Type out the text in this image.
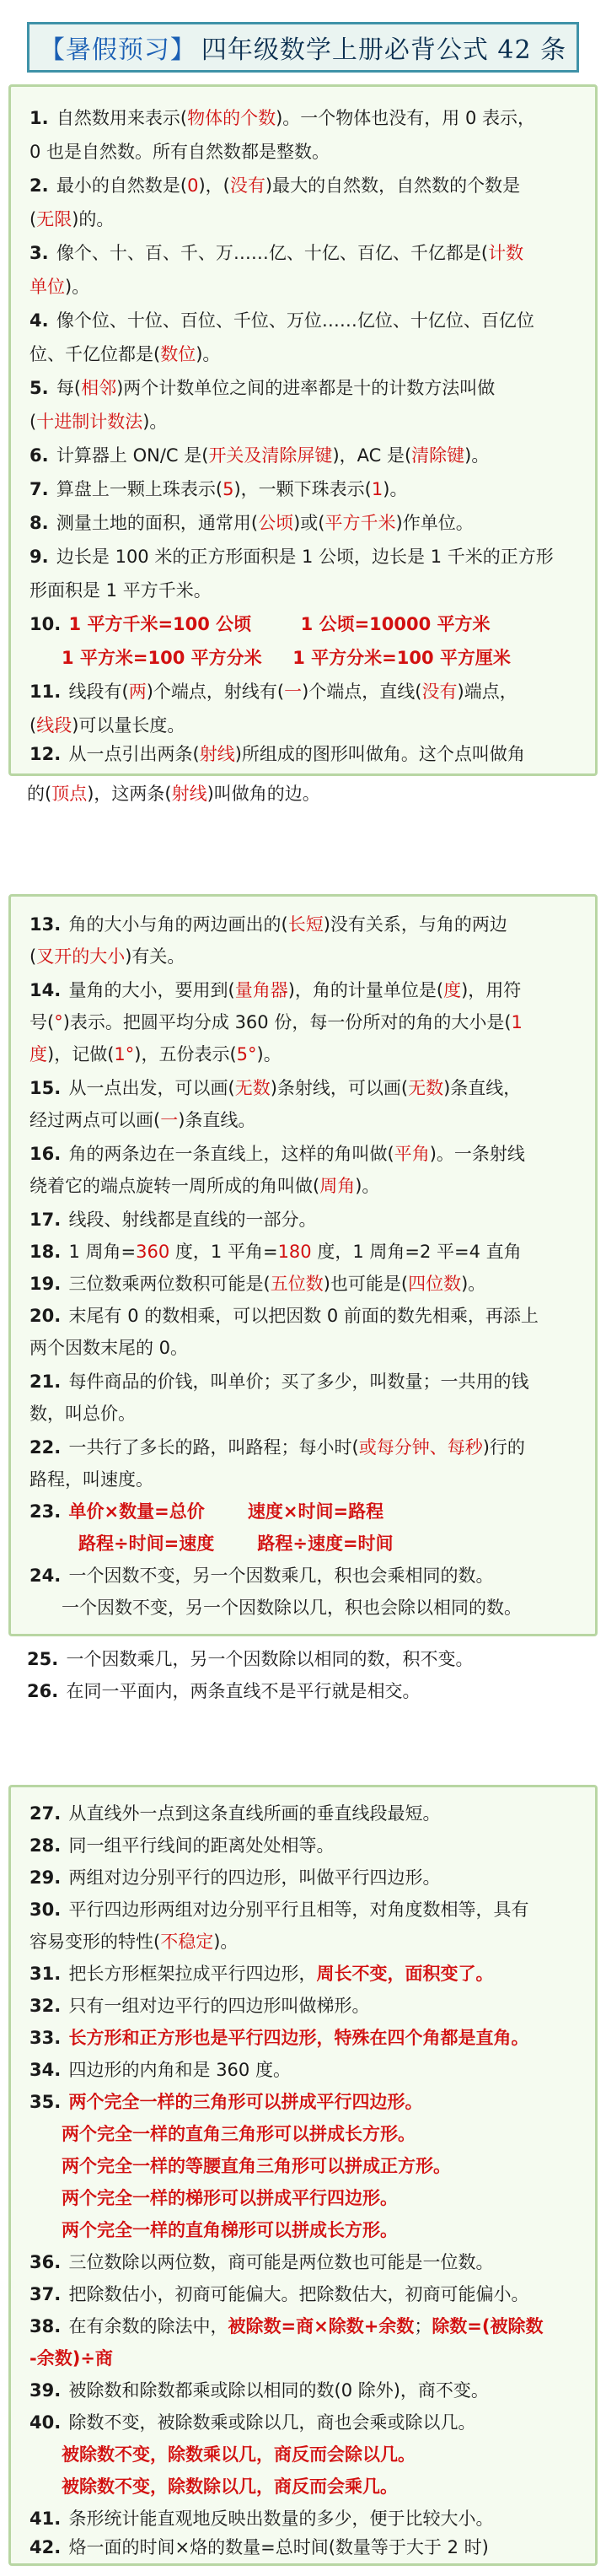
【暑假预习】 四年级数学上册必背公式 42 条
1. 自然数用来表示(物体的个数)。一个物体也没有，用 0 表示，
0 也是自然数。所有自然数都是整数。
2. 最小的自然数是(0)，(没有)最大的自然数，自然数的个数是
(无限)的。
3. 像个、十、百、千、万……亿、十亿、百亿、千亿都是(计数
单位)。
4. 像个位、十位、百位、千位、万位……亿位、十亿位、百亿位
位、千亿位都是(数位)。
5. 每(相邻)两个计数单位之间的进率都是十的计数方法叫做
(十进制计数法)。
6. 计算器上 ON/C 是(开关及清除屏键)，AC 是(清除键)。
7. 算盘上一颗上珠表示(5)，一颗下珠表示(1)。
8. 测量土地的面积，通常用(公顷)或(平方千米)作单位。
9. 边长是 100 米的正方形面积是 1 公顷，边长是 1 千米的正方形
形面积是 1 平方千米。
10. 1 平方千米=100 公顷        1 公顷=10000 平方米
1 平方米=100 平方分米     1 平方分米=100 平方厘米
11. 线段有(两)个端点，射线有(一)个端点，直线(没有)端点，
(线段)可以量长度。
12. 从一点引出两条(射线)所组成的图形叫做角。这个点叫做角
的(顶点)，这两条(射线)叫做角的边。
13. 角的大小与角的两边画出的(长短)没有关系，与角的两边
(叉开的大小)有关。
14. 量角的大小，要用到(量角器)，角的计量单位是(度)，用符
号(°)表示。把圆平均分成 360 份，每一份所对的角的大小是(1
度)，记做(1°)，五份表示(5°)。
15. 从一点出发，可以画(无数)条射线，可以画(无数)条直线，
经过两点可以画(一)条直线。
16. 角的两条边在一条直线上，这样的角叫做(平角)。一条射线
绕着它的端点旋转一周所成的角叫做(周角)。
17. 线段、射线都是直线的一部分。
18. 1 周角=360 度，1 平角=180 度，1 周角=2 平=4 直角
19. 三位数乘两位数积可能是(五位数)也可能是(四位数)。
20. 末尾有 0 的数相乘，可以把因数 0 前面的数先相乘，再添上
两个因数末尾的 0。
21. 每件商品的价钱，叫单价；买了多少，叫数量；一共用的钱
数，叫总价。
22. 一共行了多长的路，叫路程；每小时(或每分钟、每秒)行的
路程，叫速度。
23. 单价×数量=总价       速度×时间=路程
路程÷时间=速度       路程÷速度=时间
24. 一个因数不变，另一个因数乘几，积也会乘相同的数。
一个因数不变，另一个因数除以几，积也会除以相同的数。
25. 一个因数乘几，另一个因数除以相同的数，积不变。
26. 在同一平面内，两条直线不是平行就是相交。
27. 从直线外一点到这条直线所画的垂直线段最短。
28. 同一组平行线间的距离处处相等。
29. 两组对边分别平行的四边形，叫做平行四边形。
30. 平行四边形两组对边分别平行且相等，对角度数相等，具有
容易变形的特性(不稳定)。
31. 把长方形框架拉成平行四边形，周长不变，面积变了。
32. 只有一组对边平行的四边形叫做梯形。
33. 长方形和正方形也是平行四边形，特殊在四个角都是直角。
34. 四边形的内角和是 360 度。
35. 两个完全一样的三角形可以拼成平行四边形。
两个完全一样的直角三角形可以拼成长方形。
两个完全一样的等腰直角三角形可以拼成正方形。
两个完全一样的梯形可以拼成平行四边形。
两个完全一样的直角梯形可以拼成长方形。
36. 三位数除以两位数，商可能是两位数也可能是一位数。
37. 把除数估小，初商可能偏大。把除数估大，初商可能偏小。
38. 在有余数的除法中，被除数=商×除数+余数；除数=(被除数
-余数)÷商
39. 被除数和除数都乘或除以相同的数(0 除外)，商不变。
40. 除数不变，被除数乘或除以几，商也会乘或除以几。
被除数不变，除数乘以几，商反而会除以几。
被除数不变，除数除以几，商反而会乘几。
41. 条形统计能直观地反映出数量的多少，便于比较大小。
42. 烙一面的时间×烙的数量=总时间(数量等于大于 2 时)
